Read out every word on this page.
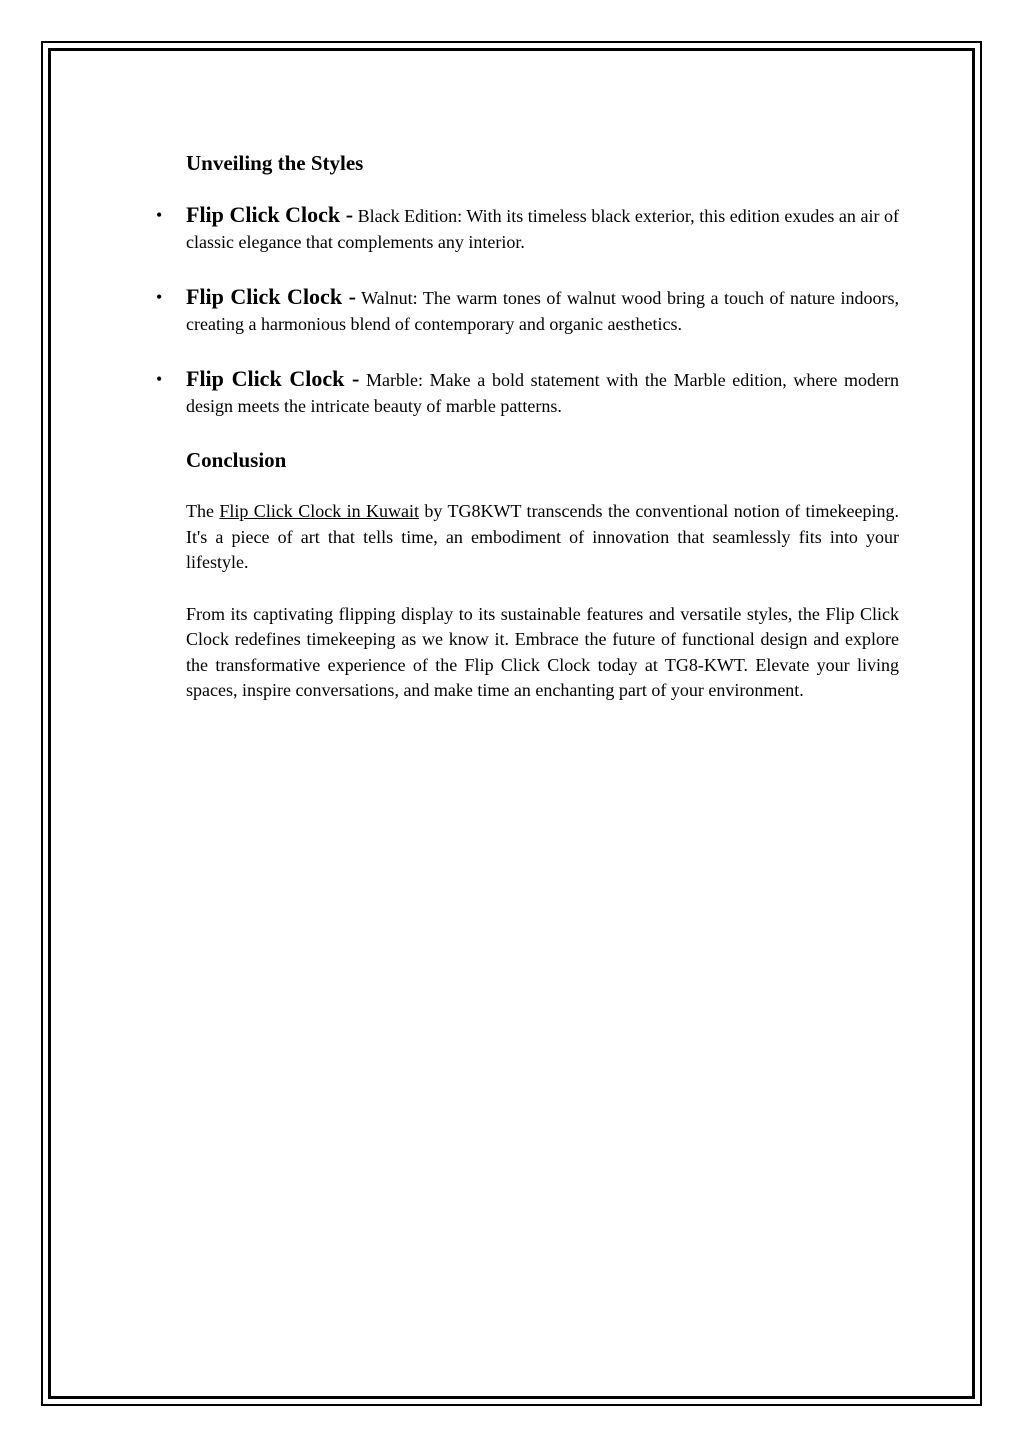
Unveiling the Styles
• Flip Click Clock - Black Edition: With its timeless black exterior, this edition exudes an air of classic elegance that complements any interior.
• Flip Click Clock - Walnut: The warm tones of walnut wood bring a touch of nature indoors, creating a harmonious blend of contemporary and organic aesthetics.
• Flip Click Clock - Marble: Make a bold statement with the Marble edition, where modern design meets the intricate beauty of marble patterns.
Conclusion

The Flip Click Clock in Kuwait by TG8KWT transcends the conventional notion of timekeeping. It's a piece of art that tells time, an embodiment of innovation that seamlessly fits into your lifestyle.

From its captivating flipping display to its sustainable features and versatile styles, the Flip Click Clock redefines timekeeping as we know it. Embrace the future of functional design and explore the transformative experience of the Flip Click Clock today at TG8-KWT. Elevate your living spaces, inspire conversations, and make time an enchanting part of your environment.
